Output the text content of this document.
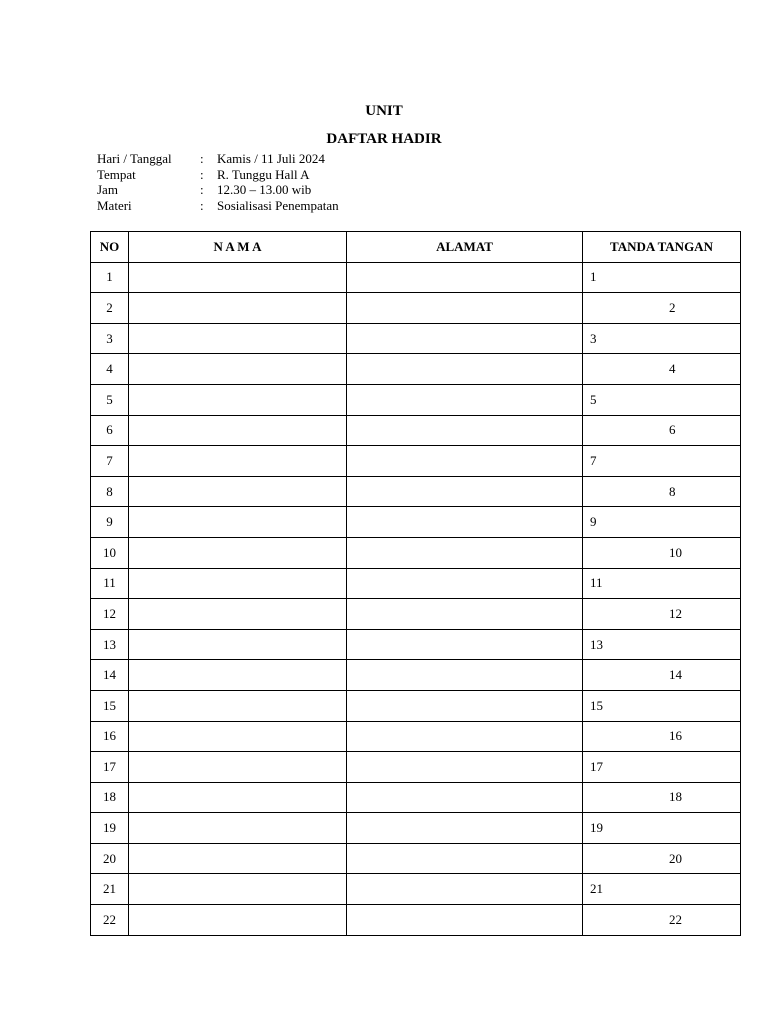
UNIT
DAFTAR HADIR
Hari / Tanggal	:	Kamis / 11 Juli 2024
Tempat	:	R. Tunggu Hall A
Jam	:	12.30 – 13.00 wib
Materi	:	Sosialisasi Penempatan
NO	N A M A	ALAMAT	TANDA TANGAN
1			1

2			2

3			3

4			4

5			5

6			6

7			7

8			8

9			9

10			10

11			11

12			12

13			13

14			14

15			15

16			16

17			17

18			18

19			19

20			20

21			21

22			22
